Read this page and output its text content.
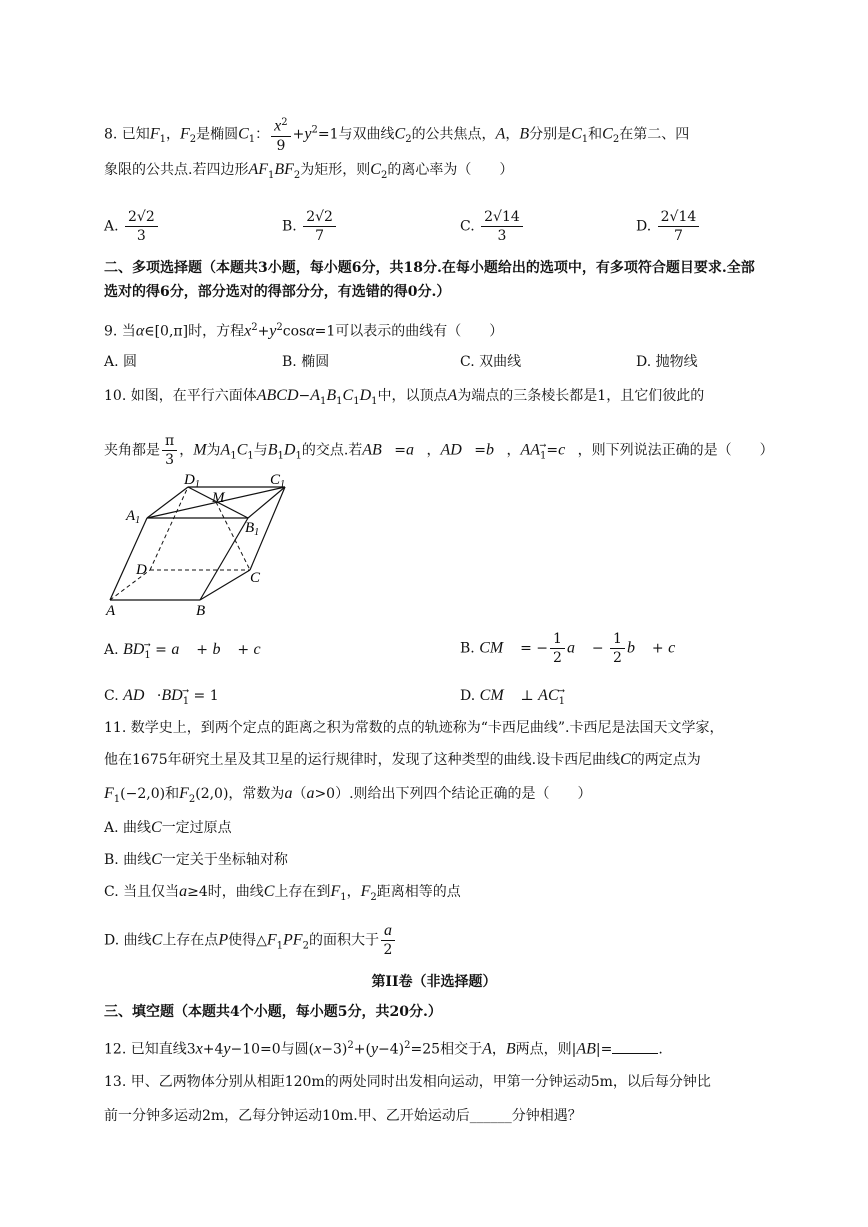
8. 已知$F_1$，$F_2$是椭圆$C_1$： $\frac{x^2}{9} +y^2=1$与双曲线$C_2$的公共焦点，A，B分别是$C_1$和$C_2$在第二、四
象限的公共点.若四边形$AF_1BF_2$为矩形，则$C_2$的离心率为（　　）
A. $\frac{2√2}{3}$	B. $\frac{2√2}{7}$	C. $\frac{2√14}{3}$	D. $\frac{2√14}{7}$
二、多项选择题（本题共3小题，每小题6分，共18分.在每小题给出的选项中，有多项符合题目要求.全部选对的得6分，部分选对的得部分分，有选错的得0分.）
9. 当α∈[0,π]时，方程$x^2+y^2\cos\alpha=1$可以表示的曲线有（　　）
A. 圆	B. 椭圆	C. 双曲线	D. 抛物线
10. 如图，在平行六面体$ABCD-A_1B_1C_1D_1$中，以顶点A为端点的三条棱长都是1，且它们彼此的
夹角都是 $\frac{\pi}{3}$ ，M为$A_1C_1$与$B_1D_1$的交点.若AB⃗=a⃗，AD⃗=b⃗，$AA_1⃗=c⃗$，则下列说法正确的是（　　）
$D_1$
M
$C_1$
$A_1$	$B_1$
D	C
A	B
A. $BD_1⃗$ = a⃗ + b⃗ + c⃗	B. CM⃗ = − $\frac{1}{2}$ a⃗ − $\frac{1}{2}$ b⃗ + c⃗
C. $AD⃗\cdot BD_1⃗ = 1$	D. CM⃗ ⊥ $AC_1$
11. 数学史上，到两个定点的距离之积为常数的点的轨迹称为“卡西尼曲线”.卡西尼是法国天文学家，
他在1675年研究土星及其卫星的运行规律时，发现了这种类型的曲线.设卡西尼曲线C的两定点为
$F_1(-2,0)$和$F_2(2,0)$，常数为a（a>0）.则给出下列四个结论正确的是（　　）
A. 曲线C一定过原点
B. 曲线C一定关于坐标轴对称
C. 当且仅当a≥4时，曲线C上存在到$F_1$，$F_2$距离相等的点
D. 曲线C上存在点P使得$\triangle F_1PF_2$的面积大于 $\frac{a}{2}$
第II卷（非选择题）
三、填空题（本题共4个小题，每小题5分，共20分.）
12. 已知直线3x+4y−10=0与圆$(x-3)^2+(y-4)^2=25$相交于A，B两点，则|AB|=	.
13. 甲、乙两物体分别从相距120m的两处同时出发相向运动，甲第一分钟运动5m，以后每分钟比
前一分钟多运动2m，乙每分钟运动10m.甲、乙开始运动后______分钟相遇？
